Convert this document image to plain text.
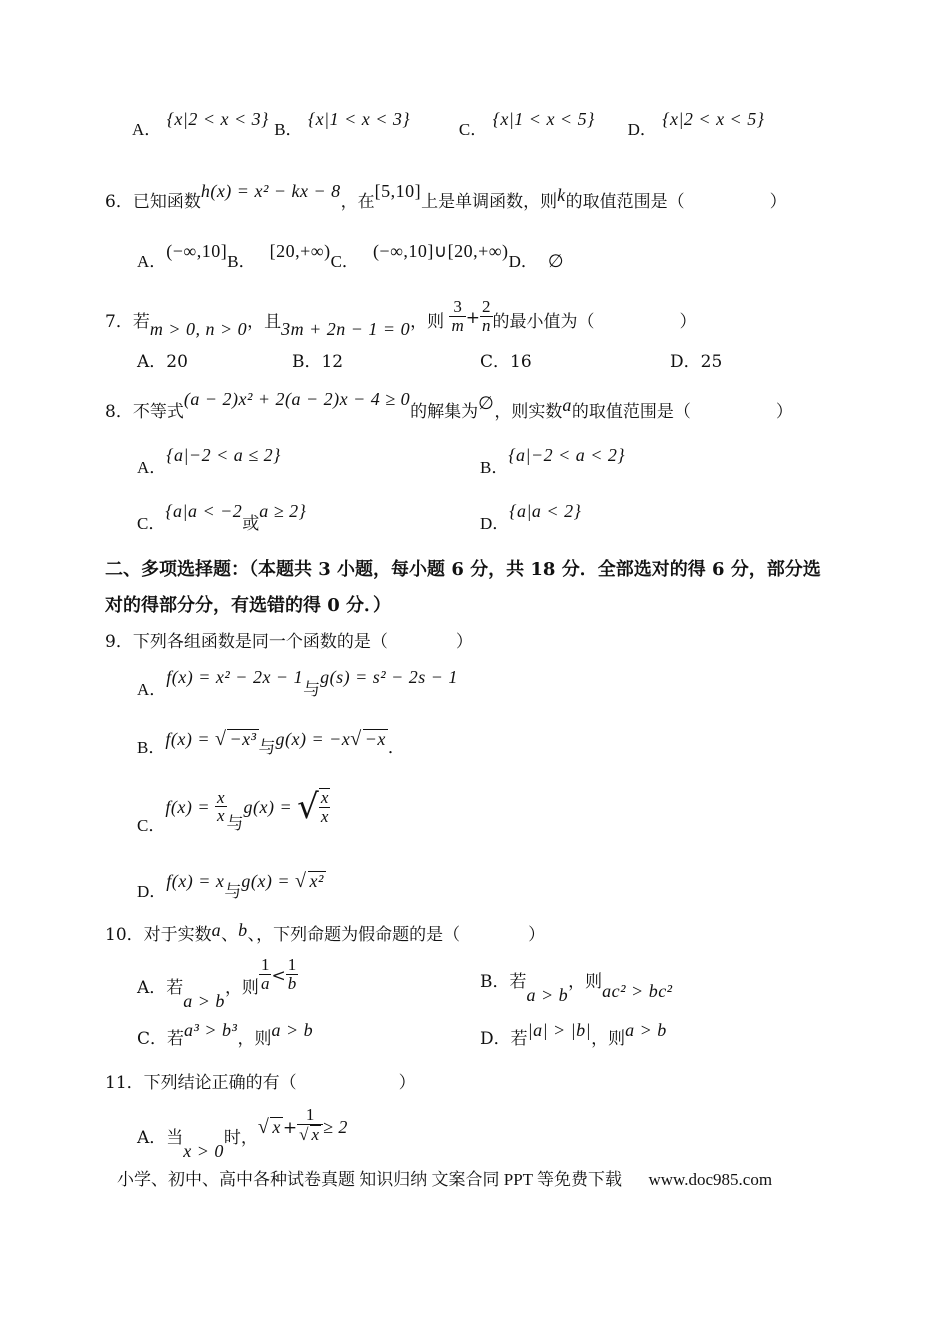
A． {x|2 < x < 3} B． {x|1 < x < 3}  C． {x|1 < x < 5}  D． {x|2 < x < 5}
6．已知函数h(x) = x² − kx − 8，在[5,10]上是单调函数，则k的取值范围是（　　　　　）
A．(−∞,10]B．[20,+∞)C．(−∞,10]∪[20,+∞)D． ∅
7．若m > 0, n > 0，且3m + 2n − 1 = 0，则 $\frac{3}{m} + \frac{2}{n}$ 的最小值为（　　　　　）
A．20	B．12	C．16	D．25
8．不等式(a − 2)x² + 2(a − 2)x − 4 ≥ 0的解集为∅，则实数a的取值范围是（　　　　　）
A．{a|−2 < a ≤ 2}
B．{a|−2 < a < 2}
C．{a|a < −2或a ≥ 2}
D．{a|a < 2}
二、多项选择题：（本题共 3 小题，每小题 6 分，共 18 分．全部选对的得 6 分，部分选
对的得部分分，有选错的得 0 分．）
9．下列各组函数是同一个函数的是（　　　　）
A．f(x) = x² − 2x − 1与g(s) = s² − 2s − 1
B．f(x) = √ −x³ 与g(x) = −x√ −x ．
C．$f(x) = \frac{x}{x}$ 与g(x) = √ $\frac{x}{x}$
D．f(x) = x与g(x) = √ x²
10．对于实数a、b、，下列命题为假命题的是（　　　　）
A．若a > b，则 $\frac{1}{a} < \frac{1}{b}$	B．若a > b，则ac² > bc²
C．若a³ > b³，则a > b	D．若|a| > |b|，则a > b
11．下列结论正确的有（　　　　　　）
A．当x > 0时，√ $x + \frac{1}{√ x} \ge 2$
小学、初中、高中各种试卷真题 知识归纳 文案合同 PPT 等免费下载 www.doc985.com
